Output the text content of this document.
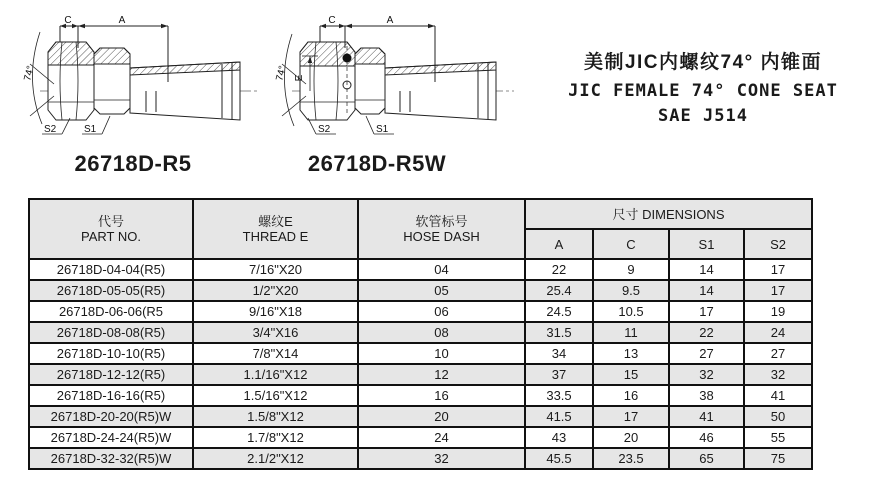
C	A
74°
S2	S1
C	A
74° E
S2	S1
美制JIC内螺纹74° 内锥面
JIC FEMALE 74° CONE SEAT
SAE J514
26718D-R5	26718D-R5W
代号
PART NO.

螺纹E
THREAD E

软管标号
HOSE DASH
	尺寸 DIMENSIONS
			A	C	S1	S2
26718D-04-04(R5)	7/16"X20	04	22	9	14	17
26718D-05-05(R5)	1/2"X20	05	25.4	9.5	14	17
26718D-06-06(R5	9/16"X18	06	24.5	10.5	17	19
26718D-08-08(R5)	3/4"X16	08	31.5	11	22	24
26718D-10-10(R5)	7/8"X14	10	34	13	27	27
26718D-12-12(R5)	1.1/16"X12	12	37	15	32	32
26718D-16-16(R5)	1.5/16"X12	16	33.5	16	38	41
26718D-20-20(R5)W	1.5/8"X12	20	41.5	17	41	50
26718D-24-24(R5)W	1.7/8"X12	24	43	20	46	55
26718D-32-32(R5)W	2.1/2"X12	32	45.5	23.5	65	75
